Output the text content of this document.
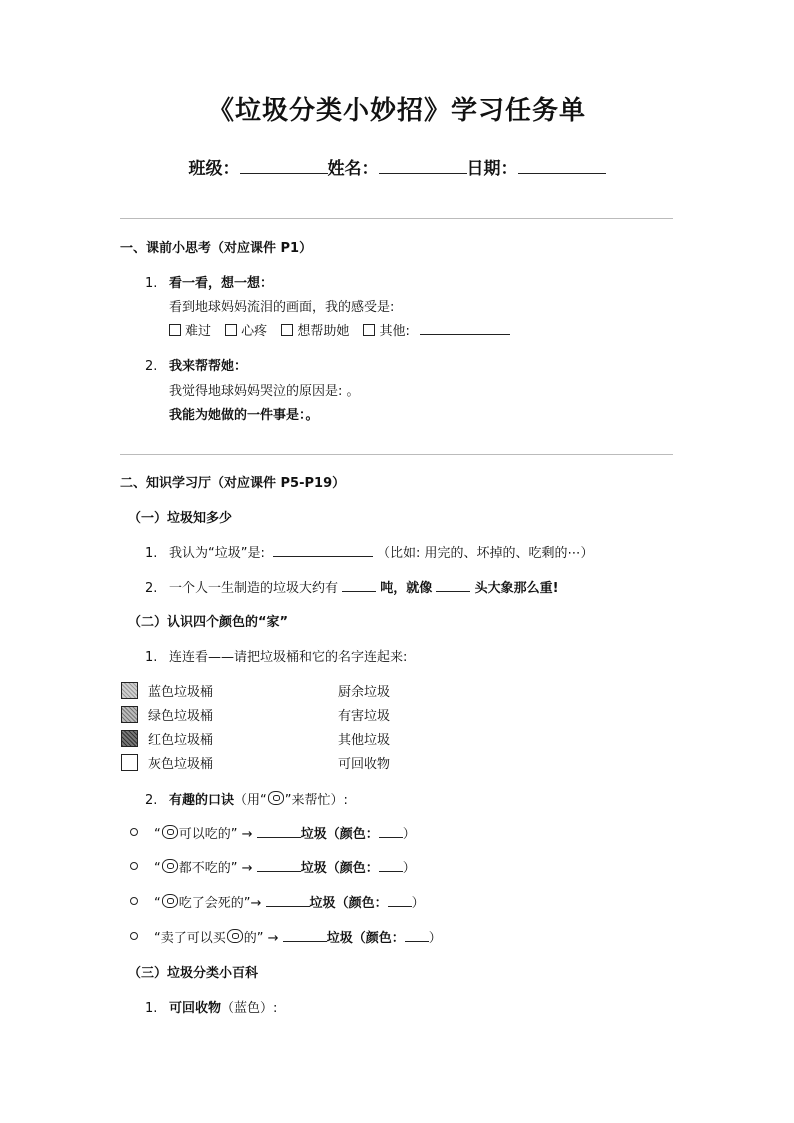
《垃圾分类小妙招》学习任务单
班级：	姓名：	日期：
一、课前小思考（对应课件 P1）
1. 看一看，想一想：
看到地球妈妈流泪的画面，我的感受是:
难过 心疼 想帮助她 其他:
2. 我来帮帮她：
我觉得地球妈妈哭泣的原因是: 。
我能为她做的一件事是：。
二、知识学习厅（对应课件 P5-P19）
（一）垃圾知多少
1. 我认为“垃圾”是:	（比如: 用完的、坏掉的、吃剩的⋯）
2. 一个人一生制造的垃圾大约有	吨，就像	头大象那么重!
（二）认识四个颜色的“家”
1. 连连看——请把垃圾桶和它的名字连起来:
蓝色垃圾桶	厨余垃圾
绿色垃圾桶	有害垃圾
红色垃圾桶	其他垃圾
灰色垃圾桶	可回收物
2. 有趣的口诀（用“ ”来帮忙）:
“ 可以吃的” →	垃圾（颜色： ）
“ 都不吃的” →	垃圾（颜色： ）
“ 吃了会死的”→	垃圾（颜色： ）
“卖了可以买 的” →	垃圾（颜色： ）
（三）垃圾分类小百科
1. 可回收物（蓝色）:
